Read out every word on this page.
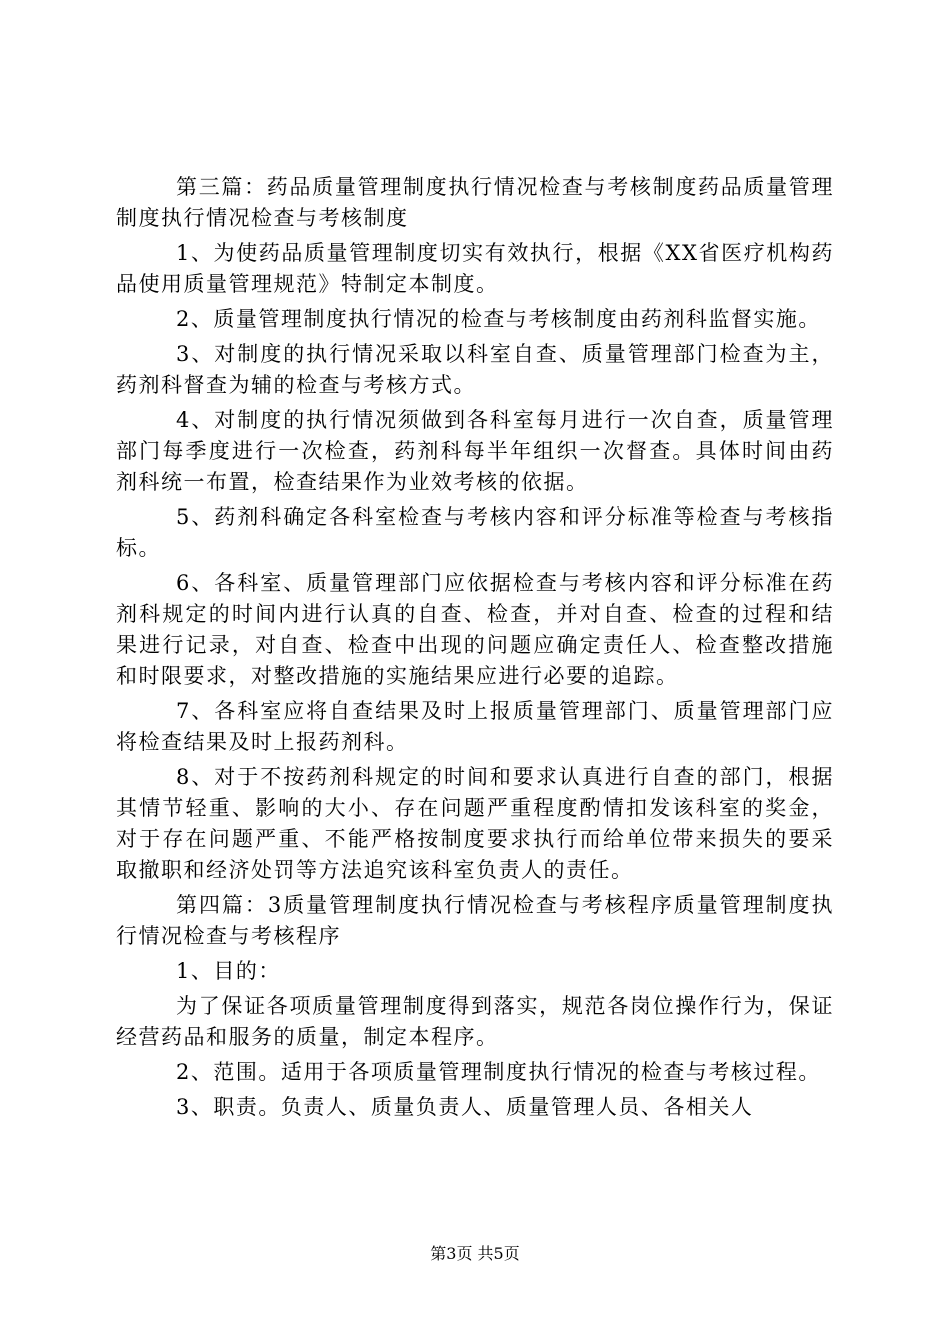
第三篇：药品质量管理制度执行情况检查与考核制度药品质量管理制度执行情况检查与考核制度

1、为使药品质量管理制度切实有效执行，根据《XX省医疗机构药品使用质量管理规范》特制定本制度。

2、质量管理制度执行情况的检查与考核制度由药剂科监督实施。

3、对制度的执行情况采取以科室自查、质量管理部门检查为主，药剂科督查为辅的检查与考核方式。

4、对制度的执行情况须做到各科室每月进行一次自查，质量管理部门每季度进行一次检查，药剂科每半年组织一次督查。具体时间由药剂科统一布置，检查结果作为业效考核的依据。

5、药剂科确定各科室检查与考核内容和评分标准等检查与考核指标。

6、各科室、质量管理部门应依据检查与考核内容和评分标准在药剂科规定的时间内进行认真的自查、检查，并对自查、检查的过程和结果进行记录，对自查、检查中出现的问题应确定责任人、检查整改措施和时限要求，对整改措施的实施结果应进行必要的追踪。

7、各科室应将自查结果及时上报质量管理部门、质量管理部门应将检查结果及时上报药剂科。

8、对于不按药剂科规定的时间和要求认真进行自查的部门，根据其情节轻重、影响的大小、存在问题严重程度酌情扣发该科室的奖金，对于存在问题严重、不能严格按制度要求执行而给单位带来损失的要采取撤职和经济处罚等方法追究该科室负责人的责任。

第四篇：3质量管理制度执行情况检查与考核程序质量管理制度执行情况检查与考核程序

1、目的：

为了保证各项质量管理制度得到落实，规范各岗位操作行为，保证经营药品和服务的质量，制定本程序。

2、范围。适用于各项质量管理制度执行情况的检查与考核过程。

3、职责。负责人、质量负责人、质量管理人员、各相关人

第3页 共5页
